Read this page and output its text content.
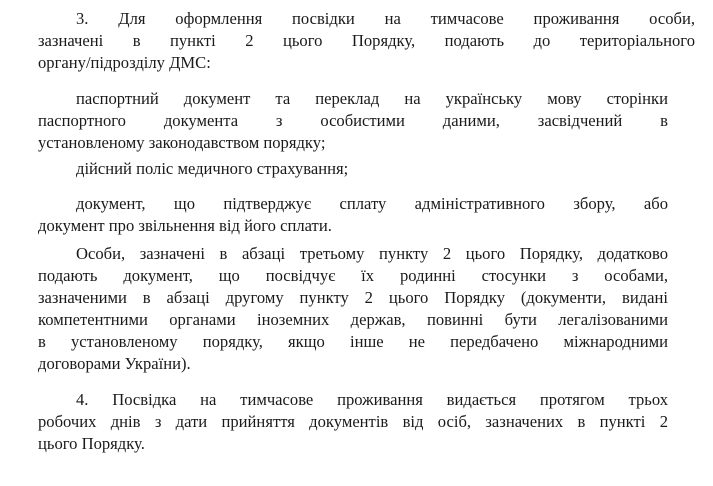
3. Для оформлення посвідки на тимчасове проживання особи,
зазначені в пункті 2 цього Порядку, подають до територіального
органу/підрозділу ДМС:
паспортний документ та переклад на українську мову сторінки
паспортного документа з особистими даними, засвідчений в
установленому законодавством порядку;
дійсний поліс медичного страхування;
документ, що підтверджує сплату адміністративного збору, або
документ про звільнення від його сплати.
Особи, зазначені в абзаці третьому пункту 2 цього Порядку, додатково
подають документ, що посвідчує їх родинні стосунки з особами,
зазначеними в абзаці другому пункту 2 цього Порядку (документи, видані
компетентними органами іноземних держав, повинні бути легалізованими
в установленому порядку, якщо інше не передбачено міжнародними
договорами України).
4. Посвідка на тимчасове проживання видається протягом трьох
робочих днів з дати прийняття документів від осіб, зазначених в пункті 2
цього Порядку.
